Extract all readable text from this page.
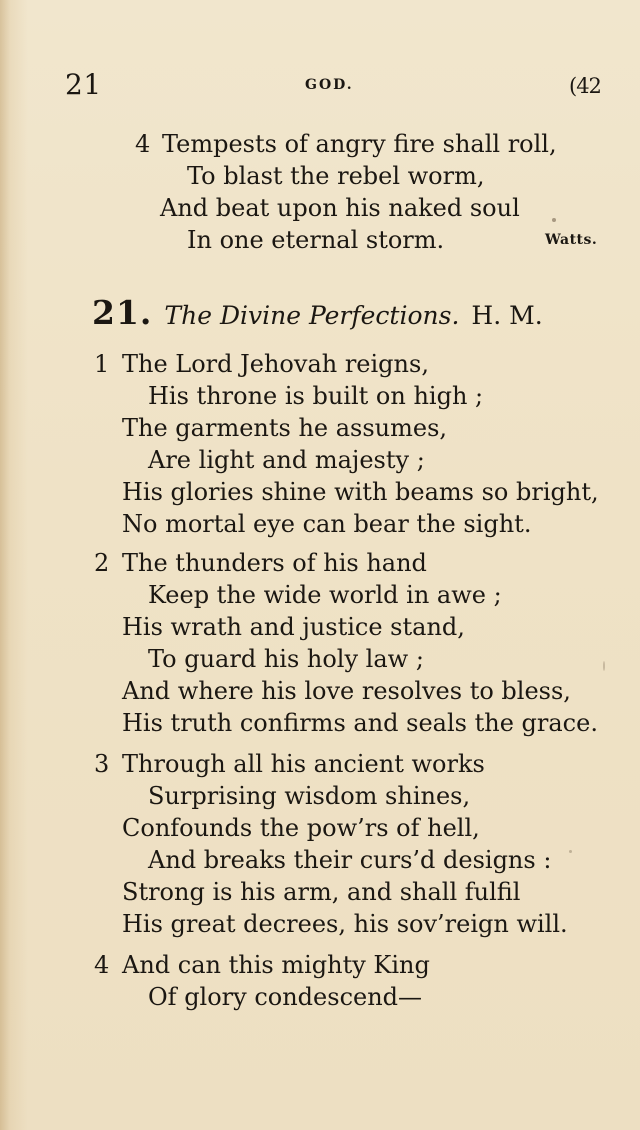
21	GOD.	(42
4 Tempests of angry fire shall roll,
To blast the rebel worm,
And beat upon his naked soul
In one eternal storm.	Watts.
21. The Divine Perfections. H. M.
1 The Lord Jehovah reigns,
His throne is built on high ;
The garments he assumes,
Are light and majesty ;
His glories shine with beams so bright,
No mortal eye can bear the sight.
2 The thunders of his hand
Keep the wide world in awe ;
His wrath and justice stand,
To guard his holy law ;
And where his love resolves to bless,
His truth confirms and seals the grace.
3 Through all his ancient works
Surprising wisdom shines,
Confounds the pow’rs of hell,
And breaks their curs’d designs :
Strong is his arm, and shall fulfil
His great decrees, his sov’reign will.
4 And can this mighty King
Of glory condescend—
